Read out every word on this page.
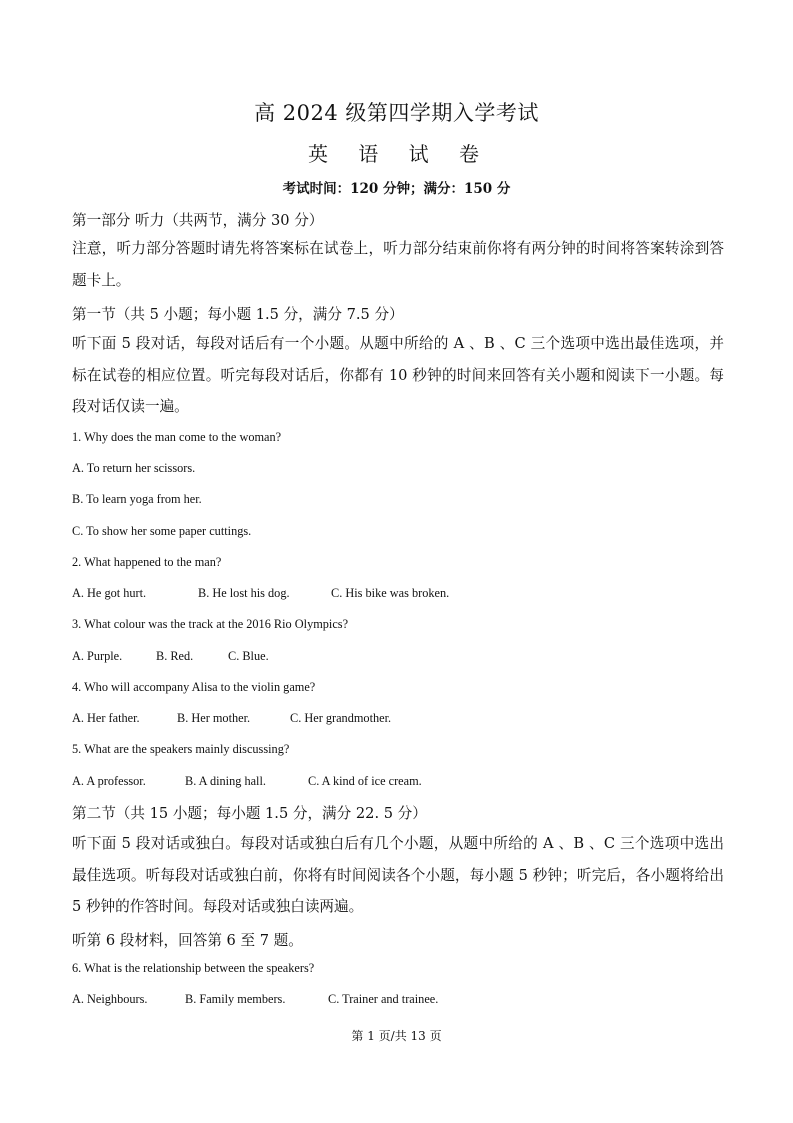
高 2024 级第四学期入学考试
英 语 试 卷
考试时间：120 分钟；满分：150 分
第一部分 听力（共两节，满分 30 分）
注意，听力部分答题时请先将答案标在试卷上，听力部分结束前你将有两分钟的时间将答案转涂到答题卡上。
第一节（共 5 小题；每小题 1.5 分，满分 7.5 分）
听下面 5 段对话，每段对话后有一个小题。从题中所给的 A 、B 、C 三个选项中选出最佳选项，并标在试卷的相应位置。听完每段对话后，你都有 10 秒钟的时间来回答有关小题和阅读下一小题。每段对话仅读一遍。
1. Why does the man come to the woman?
A. To return her scissors.
B. To learn yoga from her.
C. To show her some paper cuttings.
2. What happened to the man?
A. He got hurt.	B. He lost his dog.	C. His bike was broken.
3. What colour was the track at the 2016 Rio Olympics?
A. Purple.	B. Red.	C. Blue.
4. Who will accompany Alisa to the violin game?
A. Her father.	B. Her mother.	C. Her grandmother.
5. What are the speakers mainly discussing?
A. A professor.	B. A dining hall.	C. A kind of ice cream.
第二节（共 15 小题；每小题 1.5 分，满分 22. 5 分）
听下面 5 段对话或独白。每段对话或独白后有几个小题，从题中所给的 A 、B 、C 三个选项中选出最佳选项。听每段对话或独白前，你将有时间阅读各个小题，每小题 5 秒钟；听完后，各小题将给出 5 秒钟的作答时间。每段对话或独白读两遍。
听第 6 段材料，回答第 6 至 7 题。
6. What is the relationship between the speakers?
A. Neighbours.	B. Family members.	C. Trainer and trainee.
第 1 页/共 13 页
